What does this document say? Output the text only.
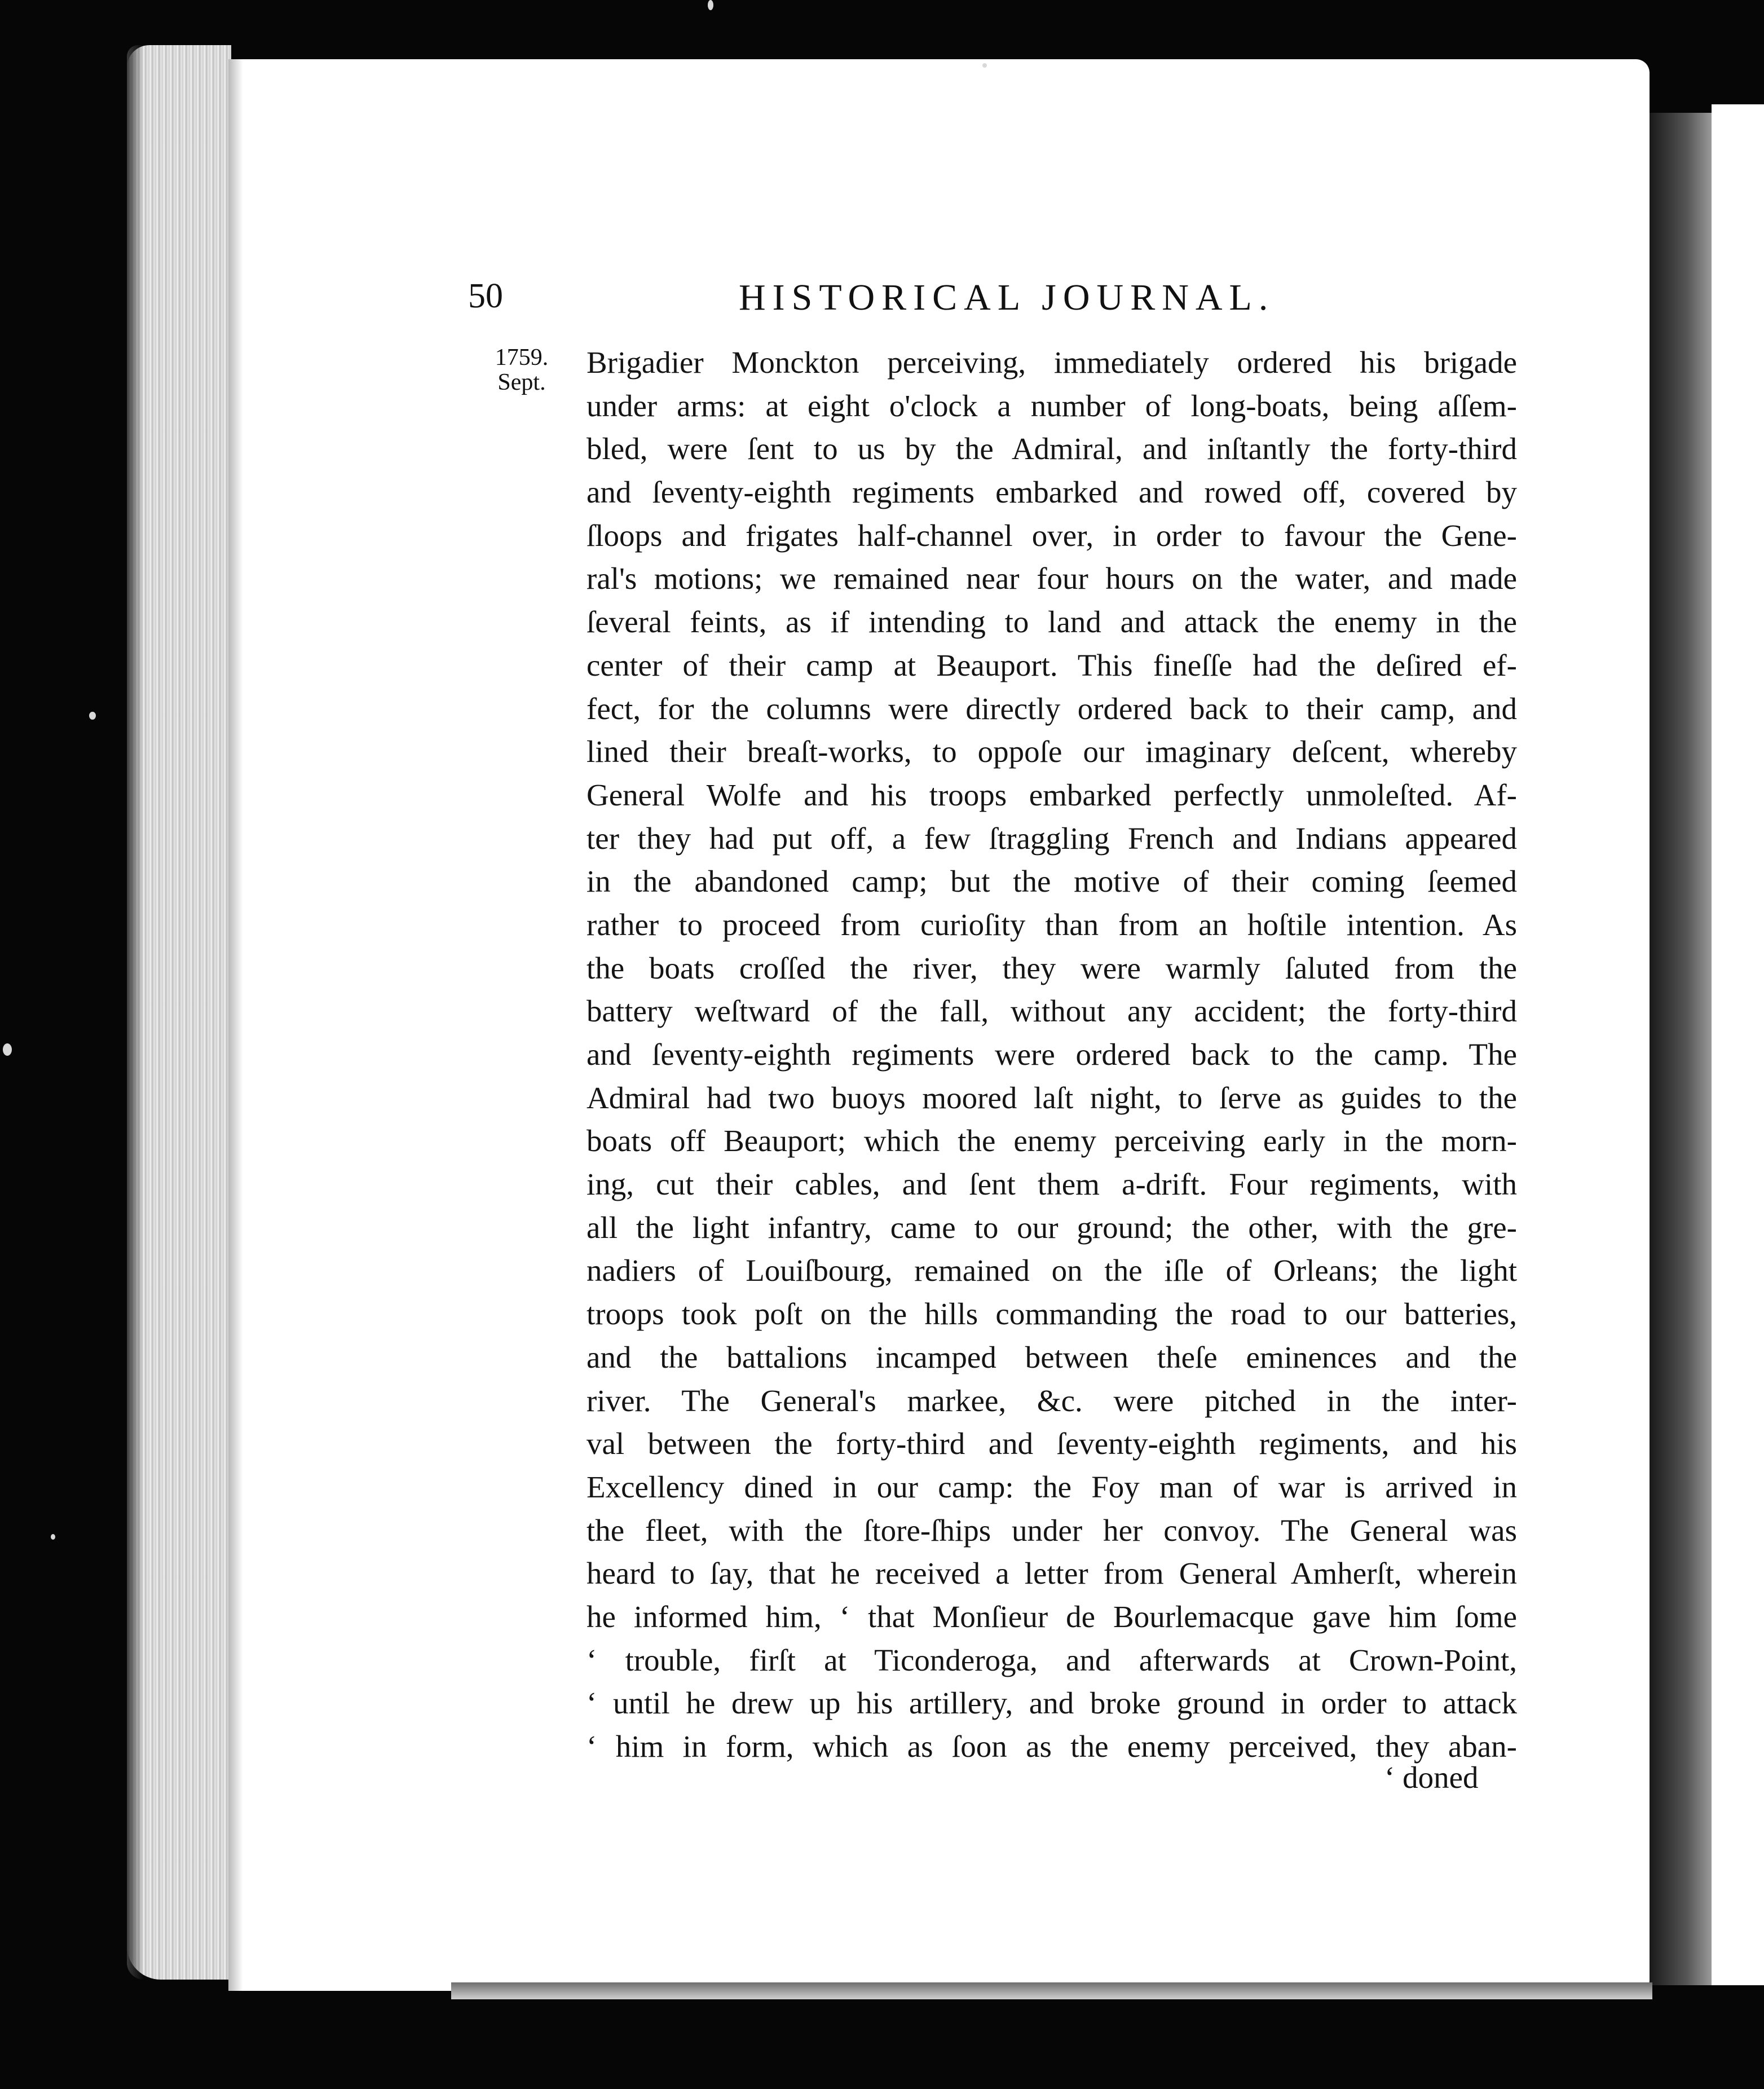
50	HISTORICAL JOURNAL.
1759.
Sept.
Brigadier Monckton perceiving, immediately ordered his brigade
under arms: at eight o'clock a number of long-boats, being aſſem-
bled, were ſent to us by the Admiral, and inſtantly the forty-third
and ſeventy-eighth regiments embarked and rowed off, covered by
ſloops and frigates half-channel over, in order to favour the Gene-
ral's motions; we remained near four hours on the water, and made
ſeveral feints, as if intending to land and attack the enemy in the
center of their camp at Beauport. This fineſſe had the deſired ef-
fect, for the columns were directly ordered back to their camp, and
lined their breaſt-works, to oppoſe our imaginary deſcent, whereby
General Wolfe and his troops embarked perfectly unmoleſted. Af-
ter they had put off, a few ſtraggling French and Indians appeared
in the abandoned camp; but the motive of their coming ſeemed
rather to proceed from curioſity than from an hoſtile intention. As
the boats croſſed the river, they were warmly ſaluted from the
battery weſtward of the fall, without any accident; the forty-third
and ſeventy-eighth regiments were ordered back to the camp. The
Admiral had two buoys moored laſt night, to ſerve as guides to the
boats off Beauport; which the enemy perceiving early in the morn-
ing, cut their cables, and ſent them a-drift. Four regiments, with
all the light infantry, came to our ground; the other, with the gre-
nadiers of Louiſbourg, remained on the iſle of Orleans; the light
troops took poſt on the hills commanding the road to our batteries,
and the battalions incamped between theſe eminences and the
river. The General's markee, &c. were pitched in the inter-
val between the forty-third and ſeventy-eighth regiments, and his
Excellency dined in our camp: the Foy man of war is arrived in
the fleet, with the ſtore-ſhips under her convoy. The General was
heard to ſay, that he received a letter from General Amherſt, wherein
he informed him, ‘ that Monſieur de Bourlemacque gave him ſome
‘ trouble, firſt at Ticonderoga, and afterwards at Crown-Point,
‘ until he drew up his artillery, and broke ground in order to attack
‘ him in form, which as ſoon as the enemy perceived, they aban-
‘ doned
